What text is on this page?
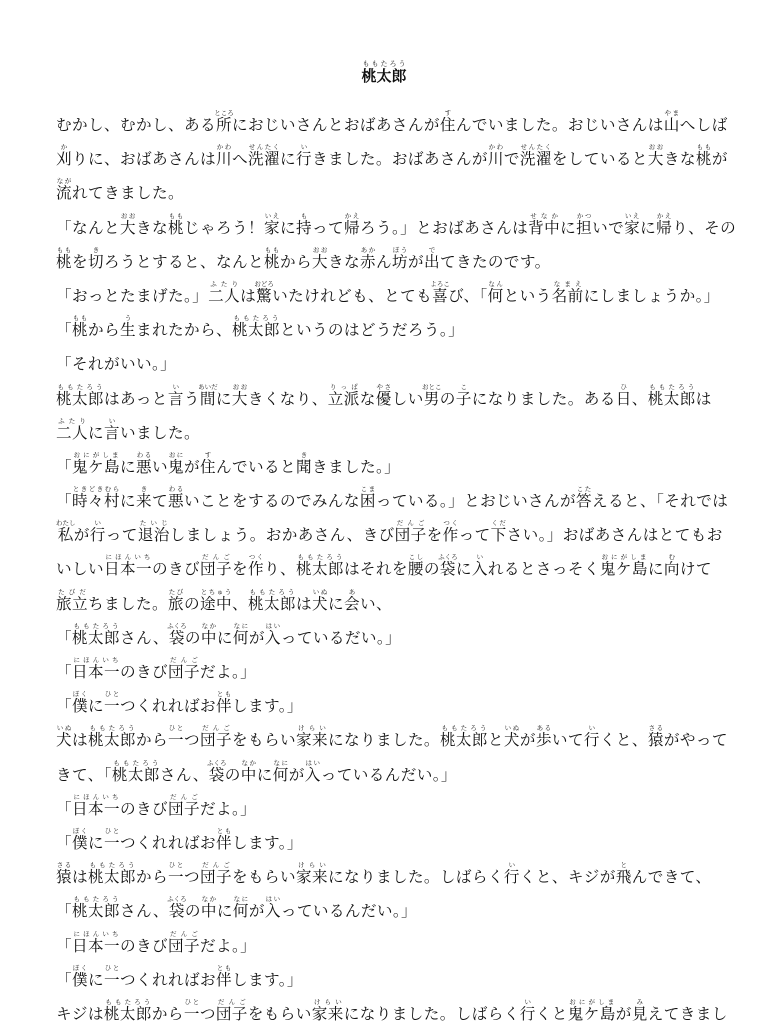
桃太郎ももたろう
むかし、むかし、ある所ところにおじいさんとおばあさんが住すんでいました。おじいさんは山やまへしば
刈かりに、おばあさんは川かわへ洗濯せんたくに行いきました。おばあさんが川かわで洗濯せんたくをしていると大おおきな桃ももが
流ながれてきました。
「なんと大おおきな桃ももじゃろう！家いえに持もって帰かえろう。」とおばあさんは背中せなかに担かついで家いえに帰かえり、その
桃ももを切きろうとすると、なんと桃ももから大おおきな赤あかん坊ぼうが出でてきたのです。
「おっとたまげた。」二人ふたりは驚おどろいたけれども、とても喜よろこび、「何なんという名前なまえにしましょうか。」
「桃ももから生うまれたから、桃太郎ももたろうというのはどうだろう。」
「それがいい。」
桃太郎ももたろうはあっと言いう間あいだに大おおきくなり、立派りっぱな優やさしい男おとこの子こになりました。ある日ひ、桃太郎ももたろうは
二人ふたりに言いいました。
「鬼ケ島おにがしまに悪わるい鬼おにが住すんでいると聞ききました。」
「時々村ときどきむらに来きて悪わるいことをするのでみんな困こまっている。」とおじいさんが答こたえると、「それでは
私わたしが行いって退治たいじしましょう。おかあさん、きび団子だんごを作つくって下ください。」おばあさんはとてもお
いしい日本一にほんいちのきび団子だんごを作つくり、桃太郎ももたろうはそれを腰こしの袋ふくろに入いれるとさっそく鬼ケ島おにがしまに向むけて
旅立たびだちました。旅たびの途中とちゅう、桃太郎ももたろうは犬いぬに会あい、
「桃太郎ももたろうさん、袋ふくろの中なかに何なにが入はいっているだい。」
「日本一にほんいちのきび団子だんごだよ。」
「僕ぼくに一ひとつくれればお伴ともします。」
犬いぬは桃太郎ももたろうから一ひとつ団子だんごをもらい家来けらいになりました。桃太郎ももたろうと犬いぬが歩あるいて行いくと、猿さるがやって
きて、「桃太郎ももたろうさん、袋ふくろの中なかに何なにが入はいっているんだい。」
「日本一にほんいちのきび団子だんごだよ。」
「僕ぼくに一ひとつくれればお伴ともします。」
猿さるは桃太郎ももたろうから一ひとつ団子だんごをもらい家来けらいになりました。しばらく行いくと、キジが飛とんできて、
「桃太郎ももたろうさん、袋ふくろの中なかに何なにが入はいっているんだい。」
「日本一にほんいちのきび団子だんごだよ。」
「僕ぼくに一ひとつくれればお伴ともします。」
キジは桃太郎ももたろうから一ひとつ団子だんごをもらい家来けらいになりました。しばらく行いくと鬼ケ島おにがしまが見みえてきまし
